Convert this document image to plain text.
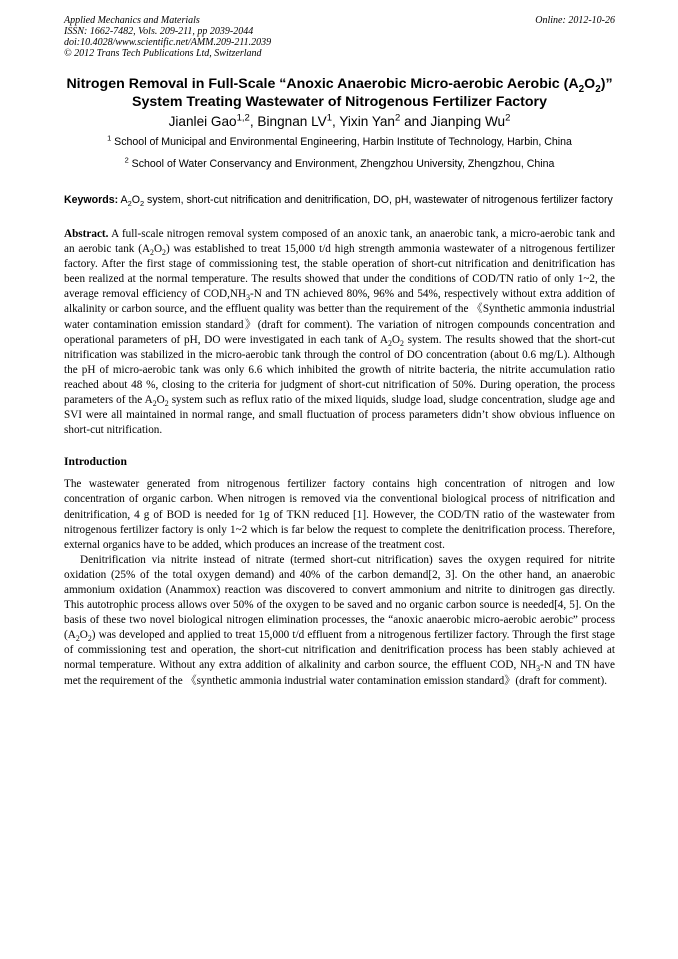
Applied Mechanics and Materials
ISSN: 1662-7482, Vols. 209-211, pp 2039-2044
doi:10.4028/www.scientific.net/AMM.209-211.2039
© 2012 Trans Tech Publications Ltd, Switzerland
Online: 2012-10-26
Nitrogen Removal in Full-Scale “Anoxic Anaerobic Micro-aerobic Aerobic $(A_2O_2)$” System Treating Wastewater of Nitrogenous Fertilizer Factory
Jianlei Gao$^{1,2}$, Bingnan $LV^1$, Yixin Yan$^2$ and Jianping Wu$^2$
$^1$ School of Municipal and Environmental Engineering, Harbin Institute of Technology, Harbin, China
$^2$ School of Water Conservancy and Environment, Zhengzhou University, Zhengzhou, China
Keywords: $A_2O_2$ system, short-cut nitrification and denitrification, DO, pH, wastewater of nitrogenous fertilizer factory
Abstract. A full-scale nitrogen removal system composed of an anoxic tank, an anaerobic tank, a micro-aerobic tank and an aerobic tank $(A_2O_2)$ was established to treat 15,000 t/d high strength ammonia wastewater of a nitrogenous fertilizer factory. After the first stage of commissioning test, the stable operation of short-cut nitrification and denitrification has been realized at the normal temperature. The results showed that under the conditions of COD/TN ratio of only 1~2, the average removal efficiency of $COD,NH_3-N$ and TN achieved 80%, 96% and 54%, respectively without extra addition of alkalinity or carbon source, and the effluent quality was better than the requirement of the 《Synthetic ammonia industrial water contamination emission standard》(draft for comment). The variation of nitrogen compounds concentration and operational parameters of pH, DO were investigated in each tank of $A_2O_2$ system. The results showed that the short-cut nitrification was stabilized in the micro-aerobic tank through the control of DO concentration (about 0.6 mg/L). Although the pH of micro-aerobic tank was only 6.6 which inhibited the growth of nitrite bacteria, the nitrite accumulation ratio reached about 48 %, closing to the criteria for judgment of short-cut nitrification of 50%. During operation, the process parameters of the $A_2O_2$ system such as reflux ratio of the mixed liquids, sludge load, sludge concentration, sludge age and SVI were all maintained in normal range, and small fluctuation of process parameters didn’t show obvious influence on short-cut nitrification.
Introduction
The wastewater generated from nitrogenous fertilizer factory contains high concentration of nitrogen and low concentration of organic carbon. When nitrogen is removed via the conventional biological process of nitrification and denitrification, 4 g of BOD is needed for 1g of TKN reduced [1]. However, the COD/TN ratio of the wastewater from nitrogenous fertilizer factory is only 1~2 which is far below the request to complete the denitrification process. Therefore, external organics have to be added, which produces an increase of the treatment cost.
Denitrification via nitrite instead of nitrate (termed short-cut nitrification) saves the oxygen required for nitrite oxidation (25% of the total oxygen demand) and 40% of the carbon demand[2, 3]. On the other hand, an anaerobic ammonium oxidation (Anammox) reaction was discovered to convert ammonium and nitrite to dinitrogen gas directly. This autotrophic process allows over 50% of the oxygen to be saved and no organic carbon source is needed[4, 5]. On the basis of these two novel biological nitrogen elimination processes, the “anoxic anaerobic micro-aerobic aerobic” process $(A_2O_2)$ was developed and applied to treat 15,000 t/d effluent from a nitrogenous fertilizer factory. Through the first stage of commissioning test and operation, the short-cut nitrification and denitrification process has been stably achieved at normal temperature. Without any extra addition of alkalinity and carbon source, the effluent COD, $NH_3-N$ and TN have met the requirement of the 《synthetic ammonia industrial water contamination emission standard》(draft for comment).
